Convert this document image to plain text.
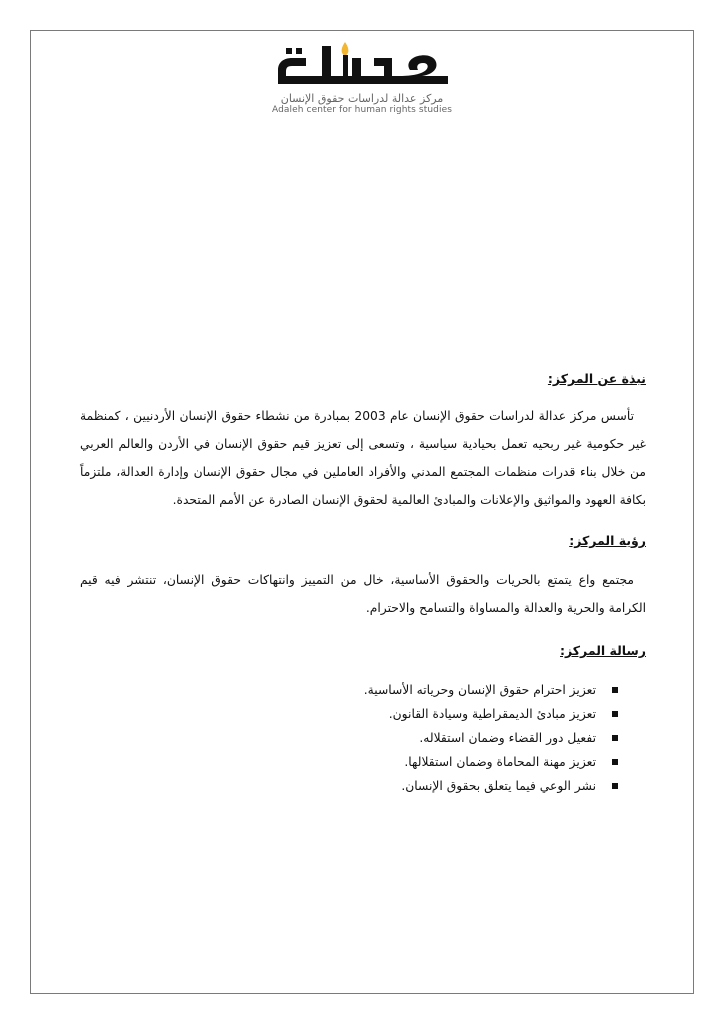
مركز عدالة لدراسات حقوق الإنسان
Adaleh center for human rights studies
نبذة عن المركز:

تأسس مركز عدالة لدراسات حقوق الإنسان عام 2003 بمبادرة من نشطاء حقوق الإنسان الأردنيين ، كمنظمة غير حكومية غير ربحيه تعمل بحيادية سياسية ، وتسعى إلى تعزيز قيم حقوق الإنسان في الأردن والعالم العربي من خلال بناء قدرات منظمات المجتمع المدني والأفراد العاملين في مجال حقوق الإنسان وإدارة العدالة، ملتزماً بكافة العهود والمواثيق والإعلانات والمبادئ العالمية لحقوق الإنسان الصادرة عن الأمم المتحدة.

رؤية المركز:

مجتمع واع يتمتع بالحريات والحقوق الأساسية، خال من التمييز وانتهاكات حقوق الإنسان، تنتشر فيه قيم الكرامة والحرية والعدالة والمساواة والتسامح والاحترام.

رسالة المركز:
تعزيز احترام حقوق الإنسان وحرياته الأساسية.
تعزيز مبادئ الديمقراطية وسيادة القانون.
تفعيل دور القضاء وضمان استقلاله.
تعزيز مهنة المحاماة وضمان استقلالها.
نشر الوعي فيما يتعلق بحقوق الإنسان.
